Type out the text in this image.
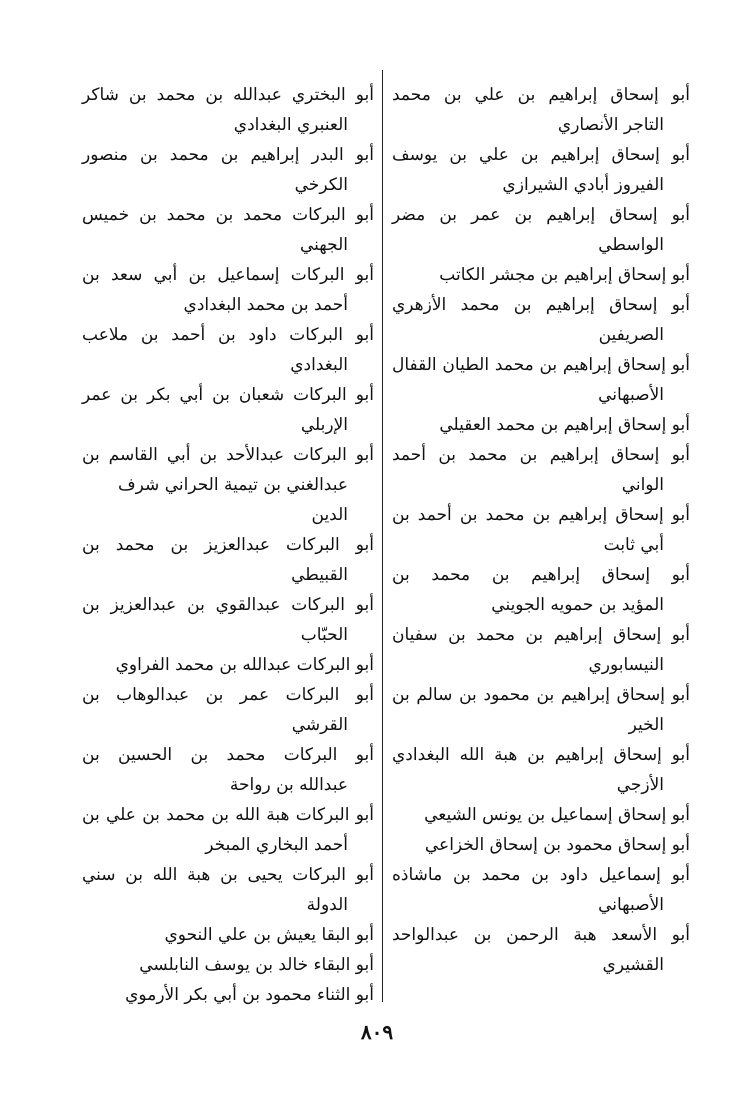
أبو إسحاق إبراهيم بن علي بن محمد
التاجر الأنصاري

أبو إسحاق إبراهيم بن علي بن يوسف
الفيروز أبادي الشيرازي

أبو إسحاق إبراهيم بن عمر بن مضر
الواسطي

أبو إسحاق إبراهيم بن مجشر الكاتب

أبو إسحاق إبراهيم بن محمد الأزهري
الصريفين

أبو إسحاق إبراهيم بن محمد الطيان القفال
الأصبهاني

أبو إسحاق إبراهيم بن محمد العقيلي

أبو إسحاق إبراهيم بن محمد بن أحمد
الواني

أبو إسحاق إبراهيم بن محمد بن أحمد بن
أبي ثابت

أبو إسحاق إبراهيم بن محمد بن
المؤيد بن حمويه الجويني

أبو إسحاق إبراهيم بن محمد بن سفيان
النيسابوري

أبو إسحاق إبراهيم بن محمود بن سالم بن
الخير

أبو إسحاق إبراهيم بن هبة الله البغدادي
الأزجي

أبو إسحاق إسماعيل بن يونس الشيعي

أبو إسحاق محمود بن إسحاق الخزاعي

أبو إسماعيل داود بن محمد بن ماشاذه
الأصبهاني

أبو الأسعد هبة الرحمن بن عبدالواحد
القشيري

أبو البختري عبدالله بن محمد بن شاكر
العنبري البغدادي

أبو البدر إبراهيم بن محمد بن منصور
الكرخي

أبو البركات محمد بن محمد بن خميس
الجهني

أبو البركات إسماعيل بن أبي سعد بن
أحمد بن محمد البغدادي

أبو البركات داود بن أحمد بن ملاعب
البغدادي

أبو البركات شعبان بن أبي بكر بن عمر
الإربلي

أبو البركات عبدالأحد بن أبي القاسم بن
عبدالغني بن تيمية الحراني شرف الدين

أبو البركات عبدالعزيز بن محمد بن
القبيطي

أبو البركات عبدالقوي بن عبدالعزيز بن
الحبّاب

أبو البركات عبدالله بن محمد الفراوي

أبو البركات عمر بن عبدالوهاب بن
القرشي

أبو البركات محمد بن الحسين بن
عبدالله بن رواحة

أبو البركات هبة الله بن محمد بن علي بن
أحمد البخاري المبخر

أبو البركات يحيى بن هبة الله بن سني
الدولة

أبو البقا يعيش بن علي النحوي

أبو البقاء خالد بن يوسف النابلسي

أبو الثناء محمود بن أبي بكر الأرموي

٨٠٩
